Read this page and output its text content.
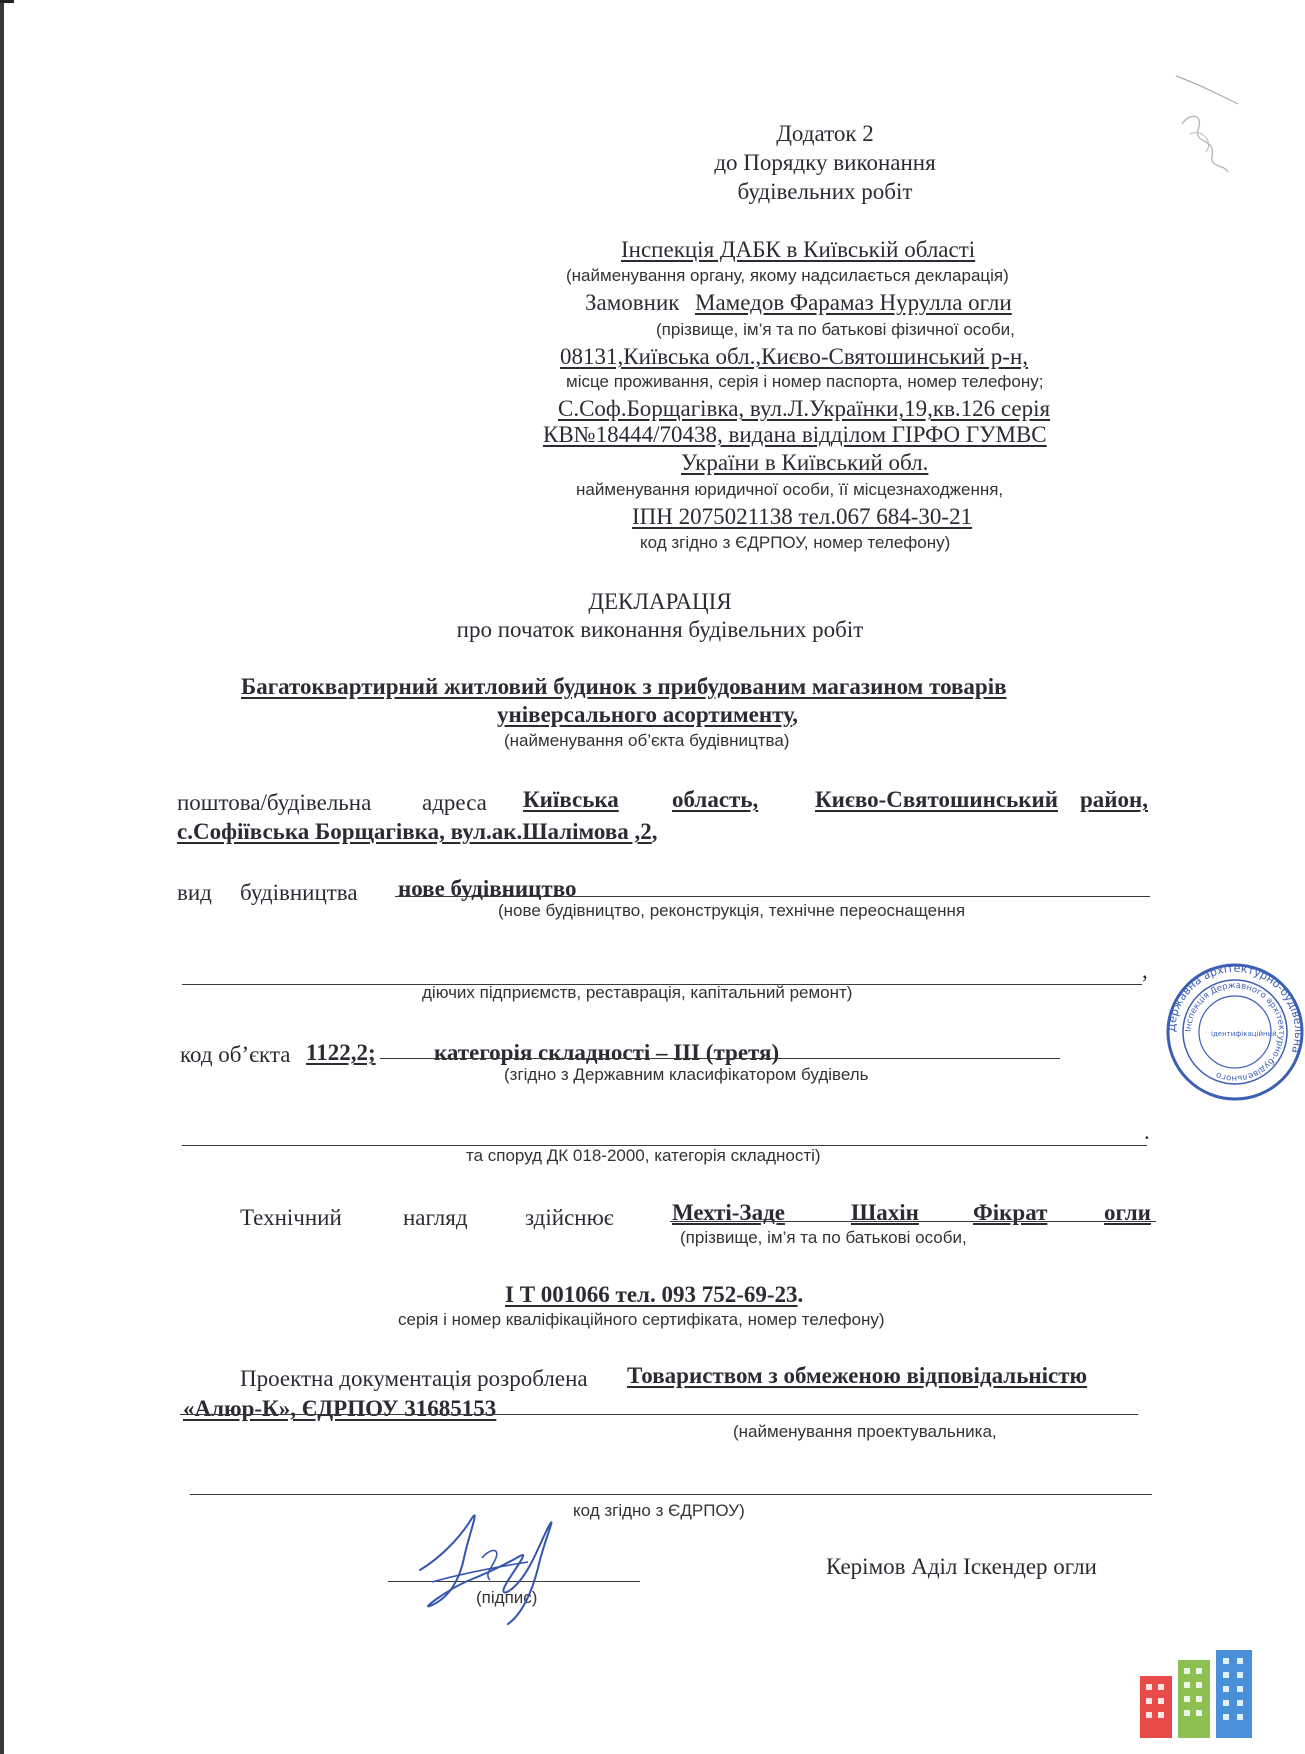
Додаток 2
до Порядку виконання
будівельних робіт
Інспекція ДАБК в Київській області
(найменування органу, якому надсилається декларація)
Замовник Мамедов Фарамаз Нурулла огли
(прізвище, ім’я та по батькові фізичної особи,
08131,Київська обл.,Києво-Святошинський р-н,
місце проживання, серія і номер паспорта, номер телефону;
С.Соф.Борщагівка, вул.Л.Українки,19,кв.126 серія
КВ№18444/70438, видана відділом ГІРФО ГУМВС
України в Київський обл.
найменування юридичної особи, її місцезнаходження,
ІПН 2075021138 тел.067 684-30-21
код згідно з ЄДРПОУ, номер телефону)
ДЕКЛАРАЦІЯ
про початок виконання будівельних робіт
Багатоквартирний житловий будинок з прибудованим магазином товарів
універсального асортименту,
(найменування об’єкта будівництва)
поштова/будівельна адреса Київська область, Києво-Святошинський район,
с.Софіївська Борщагівка, вул.ак.Шалімова ,2,
вид будівництва нове будівництво
(нове будівництво, реконструкція, технічне переоснащення
,
діючих підприємств, реставрація, капітальний ремонт)
код об’єкта 1122,2;	категорія складності – ІІІ (третя)
(згідно з Державним класифікатором будівель
.
та споруд ДК 018-2000, категорія складності)
Технічний	нагляд здійснює	Мехті-Заде	Шахін Фікрат огли
(прізвище, ім’я та по батькові особи,
І Т 001066 тел. 093 752-69-23.
серія і номер кваліфікаційного сертифіката, номер телефону)
Проектна документація розроблена Товариством з обмеженою відповідальністю
«Алюр-К», ЄДРПОУ 31685153
(найменування проектувальника,
код згідно з ЄДРПОУ)
(підпис)
Керімов Аділ Іскендер огли
Державна архітектурно-будівельна
Інспекція Державного архітектурно-будівельного
ідентифікаційний
